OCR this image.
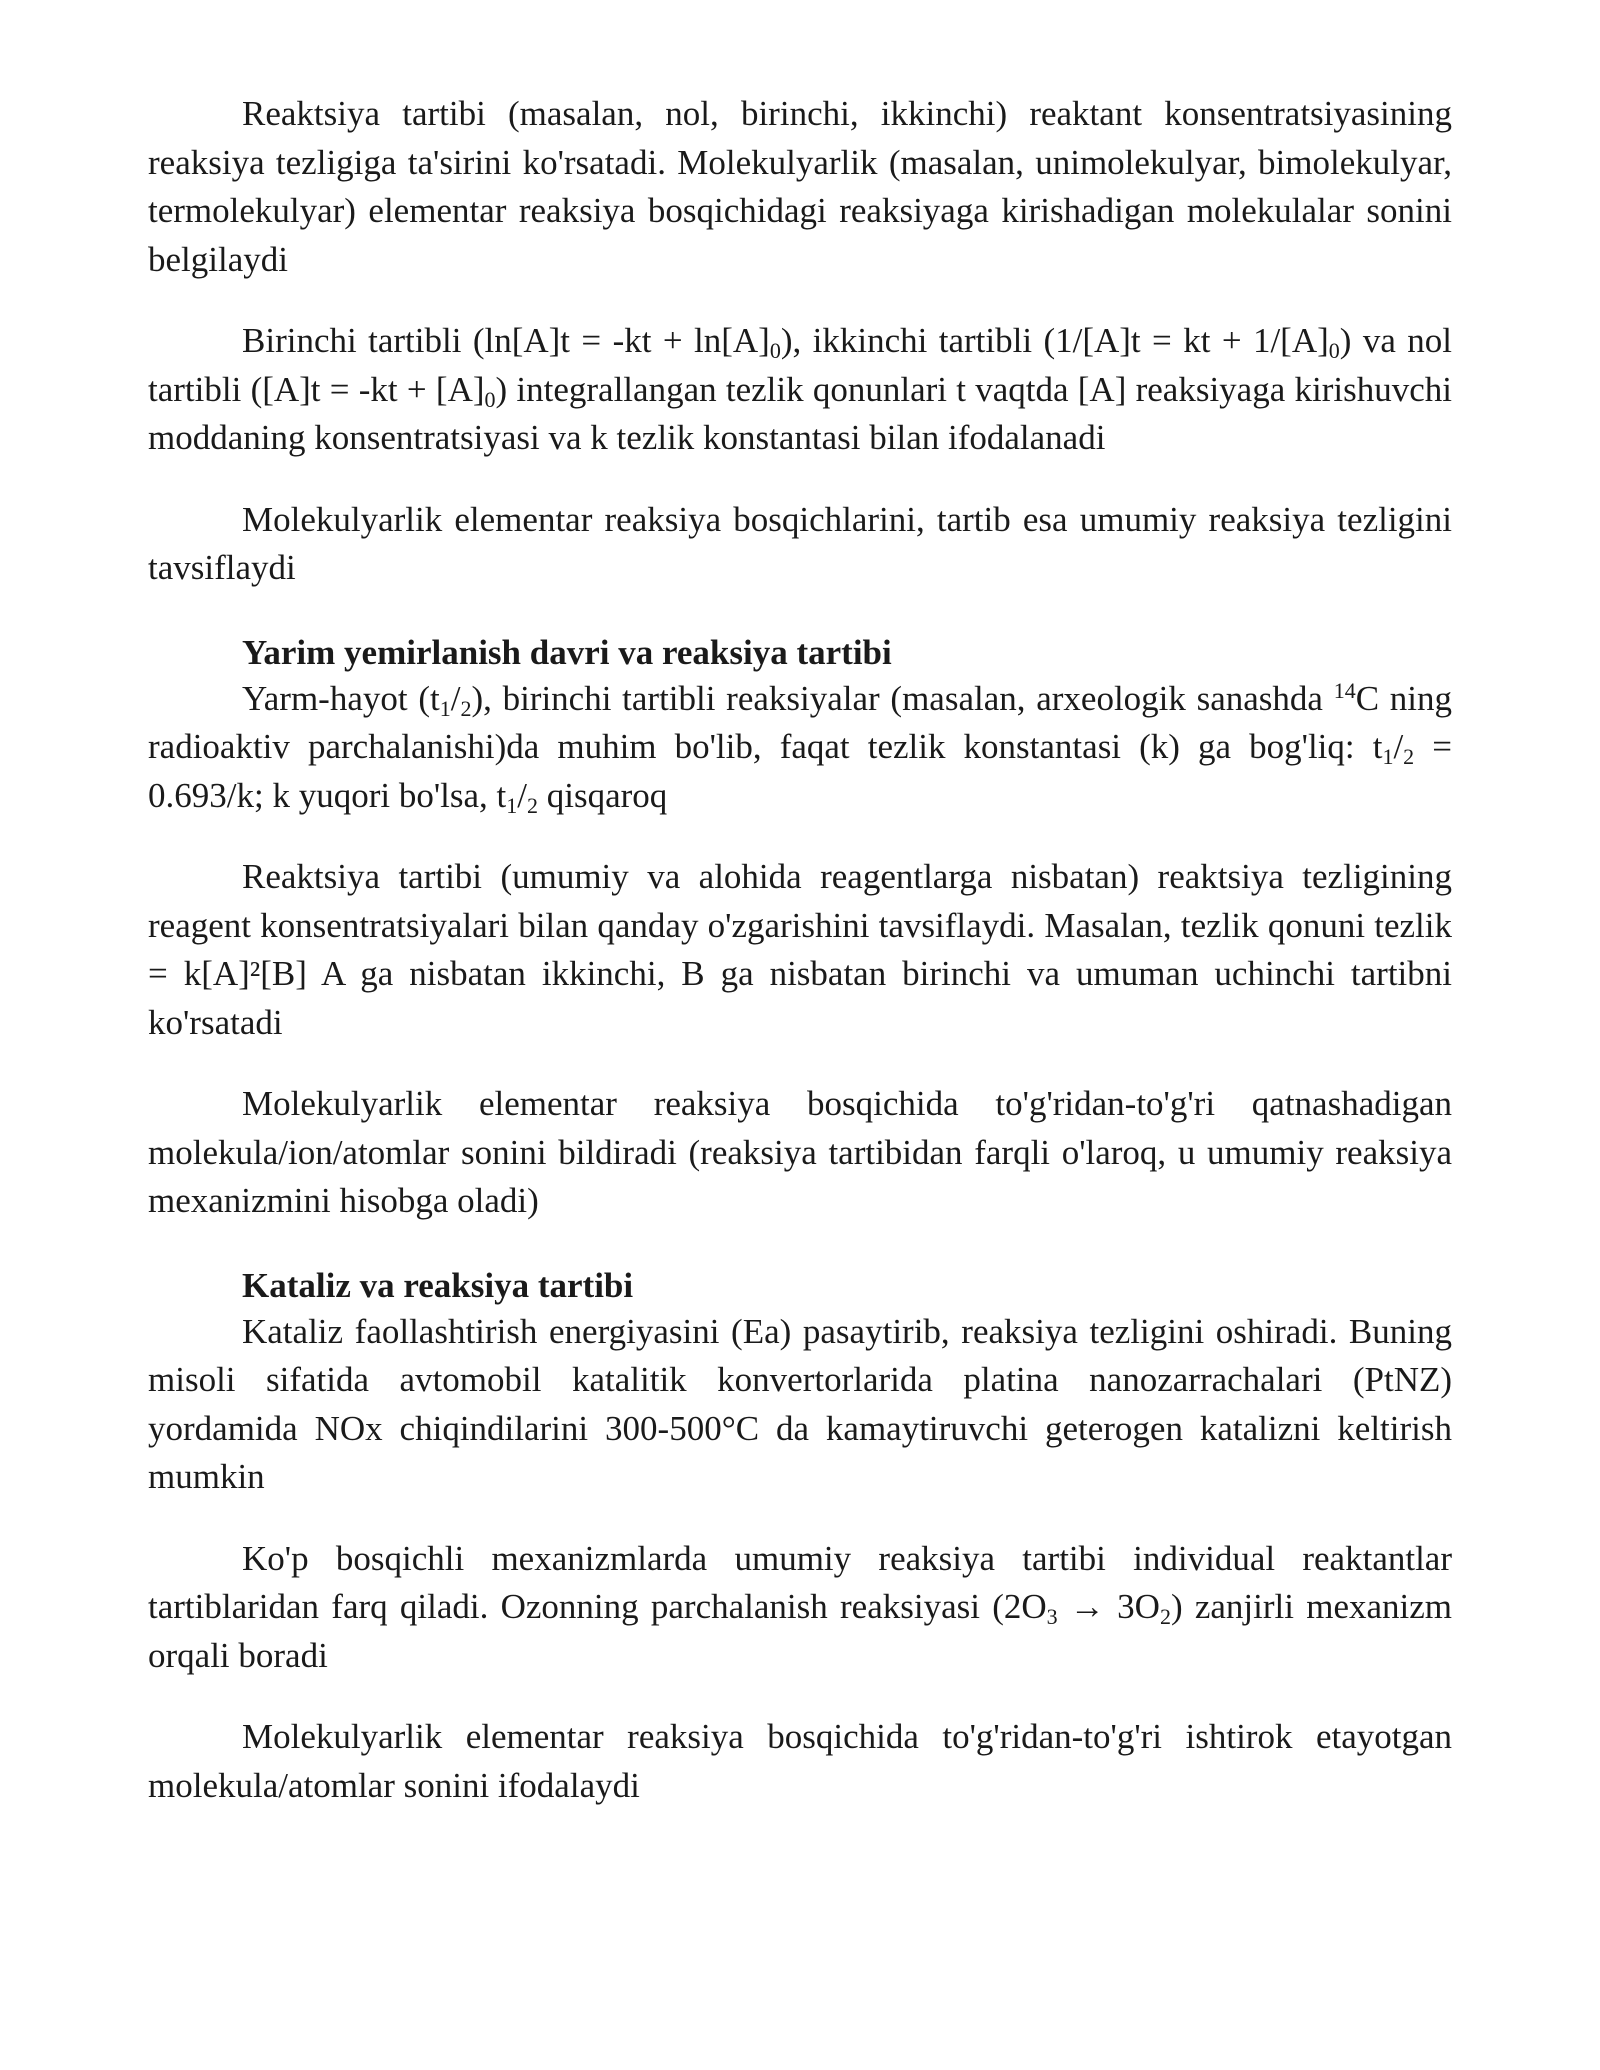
Reaktsiya tartibi (masalan, nol, birinchi, ikkinchi) reaktant konsentratsiyasining reaksiya tezligiga ta'sirini ko'rsatadi. Molekulyarlik (masalan, unimolekulyar, bimolekulyar, termolekulyar) elementar reaksiya bosqichidagi reaksiyaga kirishadigan molekulalar sonini belgilaydi

Birinchi tartibli $(\ln[A]t = -kt + \ln[A]_0)$, ikkinchi tartibli (1/[A]t = kt + $1/[A]_0$) va nol tartibli $([A]t = -kt + [A]_0)$ integrallangan tezlik qonunlari t vaqtda [A] reaksiyaga kirishuvchi moddaning konsentratsiyasi va k tezlik konstantasi bilan ifodalanadi

Molekulyarlik elementar reaksiya bosqichlarini, tartib esa umumiy reaksiya tezligini tavsiflaydi

Yarim yemirlanish davri va reaksiya tartibi

Yarm-hayot $(t_1/_2)$, birinchi tartibli reaksiyalar (masalan, arxeologik sanashda $^{14}$C ning radioaktiv parchalanishi)da muhim bo'lib, faqat tezlik konstantasi (k) ga bog'liq: $t_1/_2 = 0.693/k$; k yuqori bo'lsa, $t_1/_2$ qisqaroq

Reaktsiya tartibi (umumiy va alohida reagentlarga nisbatan) reaktsiya tezligining reagent konsentratsiyalari bilan qanday o'zgarishini tavsiflaydi. Masalan, tezlik qonuni tezlik = k[A]²[B] A ga nisbatan ikkinchi, B ga nisbatan birinchi va umuman uchinchi tartibni ko'rsatadi

Molekulyarlik elementar reaksiya bosqichida to'g'ridan-to'g'ri qatnashadigan molekula/ion/atomlar sonini bildiradi (reaksiya tartibidan farqli o'laroq, u umumiy reaksiya mexanizmini hisobga oladi)

Kataliz va reaksiya tartibi

Kataliz faollashtirish energiyasini (Ea) pasaytirib, reaksiya tezligini oshiradi. Buning misoli sifatida avtomobil katalitik konvertorlarida platina nanozarrachalari (PtNZ) yordamida NOx chiqindilarini 300-500°C da kamaytiruvchi geterogen katalizni keltirish mumkin

Ko'p bosqichli mexanizmlarda umumiy reaksiya tartibi individual reaktantlar tartiblaridan farq qiladi. Ozonning parchalanish reaksiyasi $(2O_3 \to 3O_2)$ zanjirli mexanizm orqali boradi

Molekulyarlik elementar reaksiya bosqichida to'g'ridan-to'g'ri ishtirok etayotgan molekula/atomlar sonini ifodalaydi
